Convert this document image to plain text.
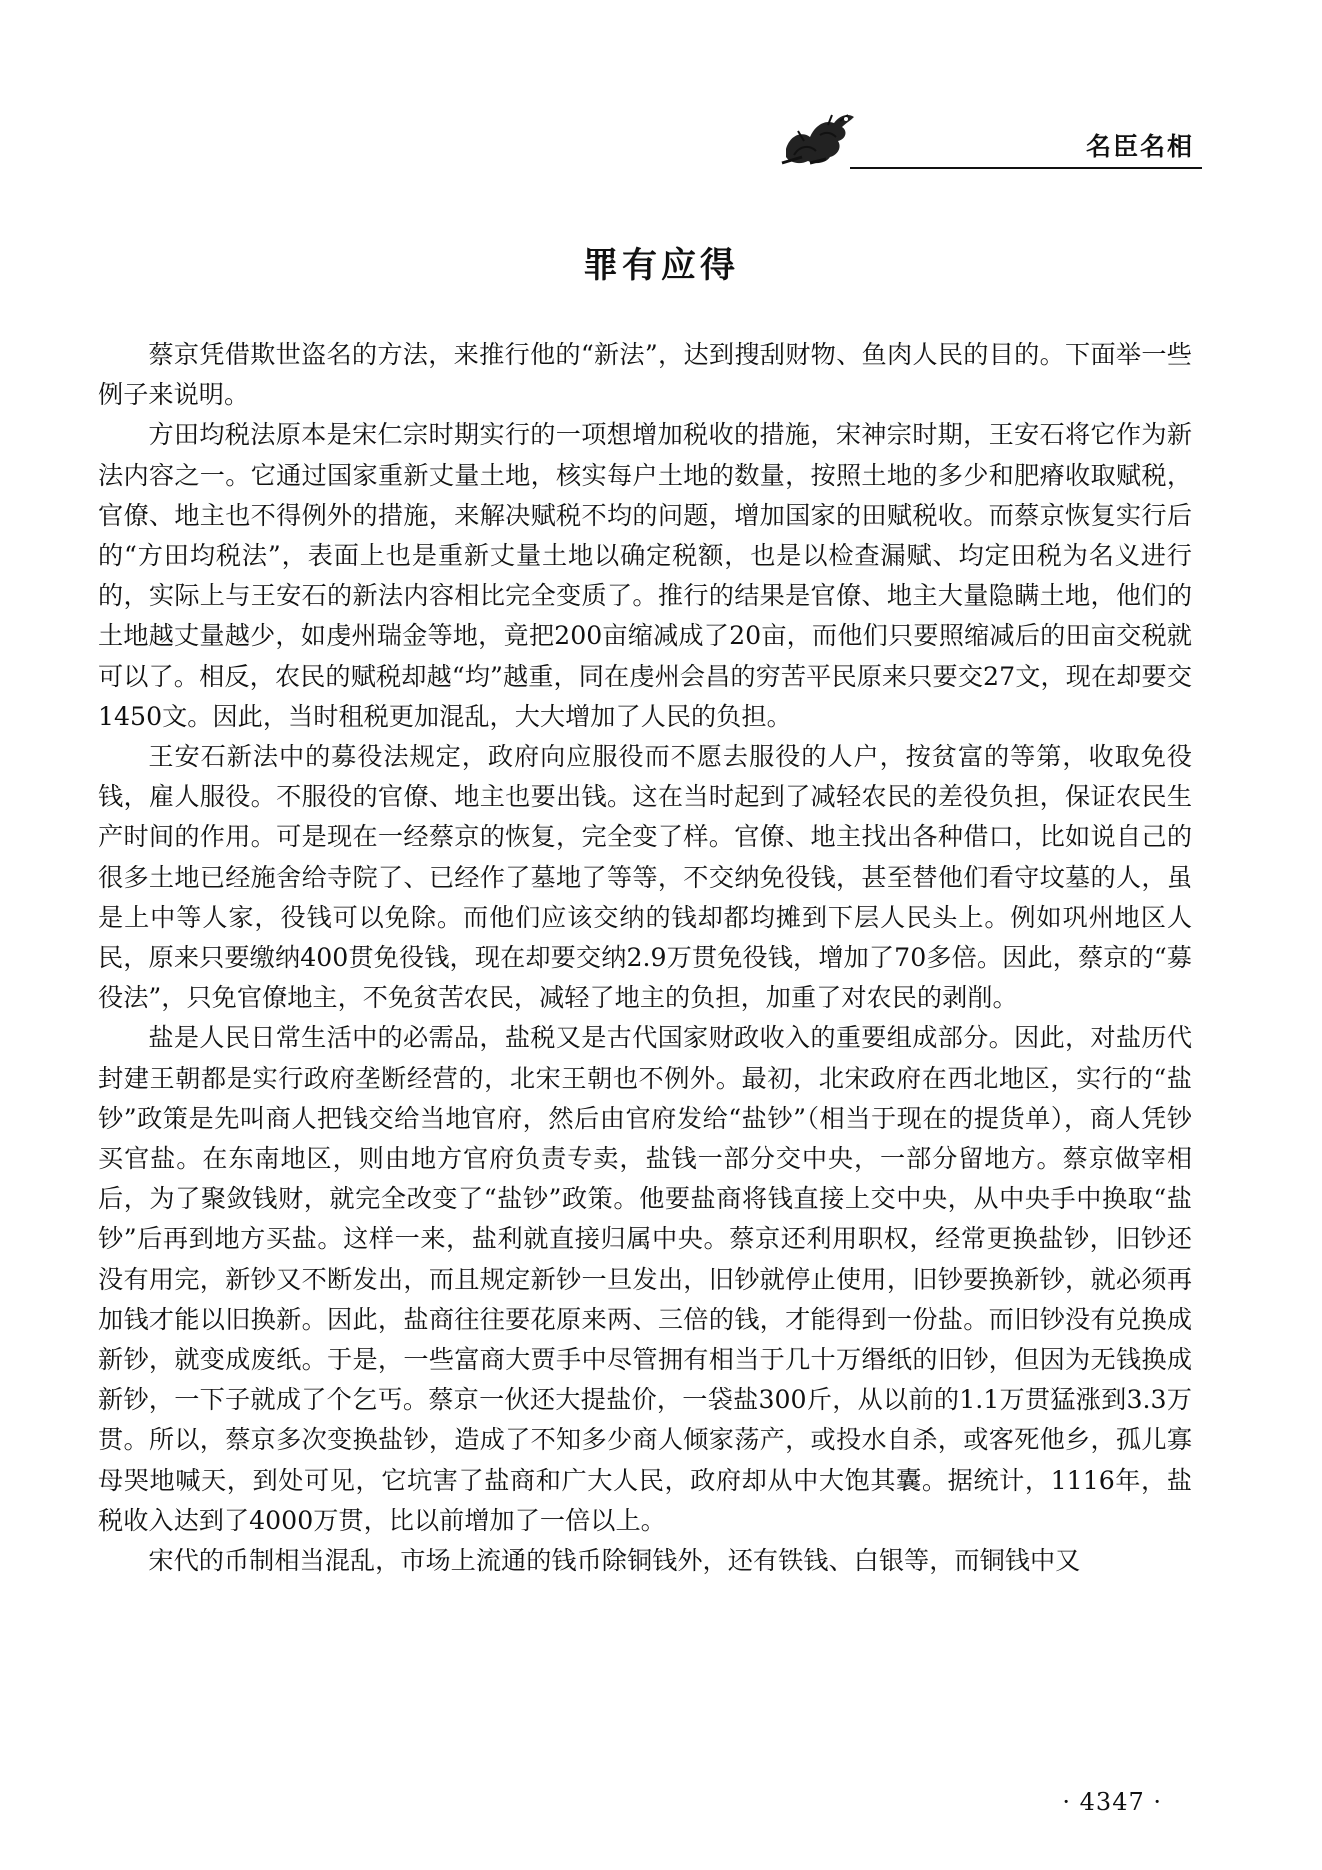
名臣名相
罪有应得

蔡京凭借欺世盗名的方法，来推行他的“新法”，达到搜刮财物、鱼肉人民的目的。下面举一些例子来说明。

方田均税法原本是宋仁宗时期实行的一项想增加税收的措施，宋神宗时期，王安石将它作为新法内容之一。它通过国家重新丈量土地，核实每户土地的数量，按照土地的多少和肥瘠收取赋税，官僚、地主也不得例外的措施，来解决赋税不均的问题，增加国家的田赋税收。而蔡京恢复实行后的“方田均税法”，表面上也是重新丈量土地以确定税额，也是以检查漏赋、均定田税为名义进行的，实际上与王安石的新法内容相比完全变质了。推行的结果是官僚、地主大量隐瞒土地，他们的土地越丈量越少，如虔州瑞金等地，竟把200亩缩减成了20亩，而他们只要照缩减后的田亩交税就可以了。相反，农民的赋税却越“均”越重，同在虔州会昌的穷苦平民原来只要交27文，现在却要交1450文。因此，当时租税更加混乱，大大增加了人民的负担。

王安石新法中的募役法规定，政府向应服役而不愿去服役的人户，按贫富的等第，收取免役钱，雇人服役。不服役的官僚、地主也要出钱。这在当时起到了减轻农民的差役负担，保证农民生产时间的作用。可是现在一经蔡京的恢复，完全变了样。官僚、地主找出各种借口，比如说自己的很多土地已经施舍给寺院了、已经作了墓地了等等，不交纳免役钱，甚至替他们看守坟墓的人，虽是上中等人家，役钱可以免除。而他们应该交纳的钱却都均摊到下层人民头上。例如巩州地区人民，原来只要缴纳400贯免役钱，现在却要交纳2.9万贯免役钱，增加了70多倍。因此，蔡京的“募役法”，只免官僚地主，不免贫苦农民，减轻了地主的负担，加重了对农民的剥削。

盐是人民日常生活中的必需品，盐税又是古代国家财政收入的重要组成部分。因此，对盐历代封建王朝都是实行政府垄断经营的，北宋王朝也不例外。最初，北宋政府在西北地区，实行的“盐钞”政策是先叫商人把钱交给当地官府，然后由官府发给“盐钞”（相当于现在的提货单），商人凭钞买官盐。在东南地区，则由地方官府负责专卖，盐钱一部分交中央，一部分留地方。蔡京做宰相后，为了聚敛钱财，就完全改变了“盐钞”政策。他要盐商将钱直接上交中央，从中央手中换取“盐钞”后再到地方买盐。这样一来，盐利就直接归属中央。蔡京还利用职权，经常更换盐钞，旧钞还没有用完，新钞又不断发出，而且规定新钞一旦发出，旧钞就停止使用，旧钞要换新钞，就必须再加钱才能以旧换新。因此，盐商往往要花原来两、三倍的钱，才能得到一份盐。而旧钞没有兑换成新钞，就变成废纸。于是，一些富商大贾手中尽管拥有相当于几十万缗纸的旧钞，但因为无钱换成新钞，一下子就成了个乞丐。蔡京一伙还大提盐价，一袋盐300斤，从以前的1.1万贯猛涨到3.3万贯。所以，蔡京多次变换盐钞，造成了不知多少商人倾家荡产，或投水自杀，或客死他乡，孤儿寡母哭地喊天，到处可见，它坑害了盐商和广大人民，政府却从中大饱其囊。据统计，1116年，盐税收入达到了4000万贯，比以前增加了一倍以上。

宋代的币制相当混乱，市场上流通的钱币除铜钱外，还有铁钱、白银等，而铜钱中又

· 4347 ·
